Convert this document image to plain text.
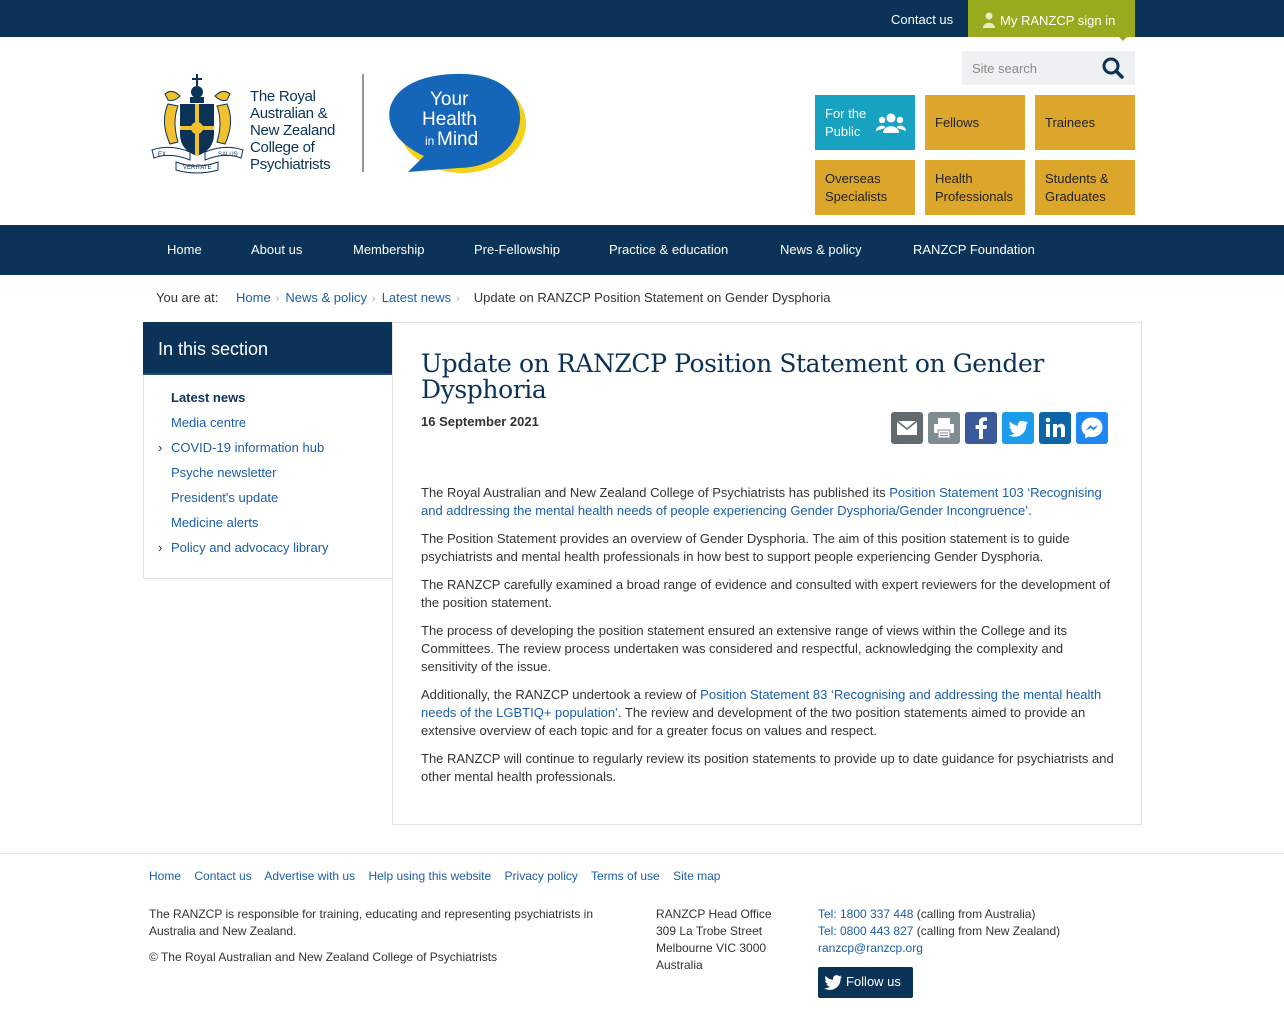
Contact us	My RANZCP sign in
EX	SALUS
VERITATE
The Royal
Australian &
New Zealand
College of
Psychiatrists
Your
Health
in Mind
Site search
For the Public
Fellows	Trainees
Overseas Specialists
Health Professionals
Students & Graduates
Home	About us	Membership	Pre-Fellowship	Practice & education	News & policy	RANZCP Foundation
You are at: Home › News & policy › Latest news › Update on RANZCP Position Statement on Gender Dysphoria
In this section
Latest news
Media centre
› COVID-19 information hub
Psyche newsletter
President's update
Medicine alerts
› Policy and advocacy library
Update on RANZCP Position Statement on Gender Dysphoria
16 September 2021

The Royal Australian and New Zealand College of Psychiatrists has published its Position Statement 103 ‘Recognising and addressing the mental health needs of people experiencing Gender Dysphoria/Gender Incongruence’.

The Position Statement provides an overview of Gender Dysphoria. The aim of this position statement is to guide psychiatrists and mental health professionals in how best to support people experiencing Gender Dysphoria.

The RANZCP carefully examined a broad range of evidence and consulted with expert reviewers for the development of the position statement.

The process of developing the position statement ensured an extensive range of views within the College and its Committees. The review process undertaken was considered and respectful, acknowledging the complexity and sensitivity of the issue.

Additionally, the RANZCP undertook a review of Position Statement 83 ‘Recognising and addressing the mental health needs of the LGBTIQ+ population’. The review and development of the two position statements aimed to provide an extensive overview of each topic and for a greater focus on values and respect.

The RANZCP will continue to regularly review its position statements to provide up to date guidance for psychiatrists and other mental health professionals.

Home Contact us Advertise with us Help using this website Privacy policy Terms of use Site map

The RANZCP is responsible for training, educating and representing psychiatrists in Australia and New Zealand.

© The Royal Australian and New Zealand College of Psychiatrists

RANZCP Head Office
309 La Trobe Street
Melbourne VIC 3000
Australia
Tel: 1800 337 448 (calling from Australia)
Tel: 0800 443 827 (calling from New Zealand)
ranzcp@ranzcp.org
Follow us
